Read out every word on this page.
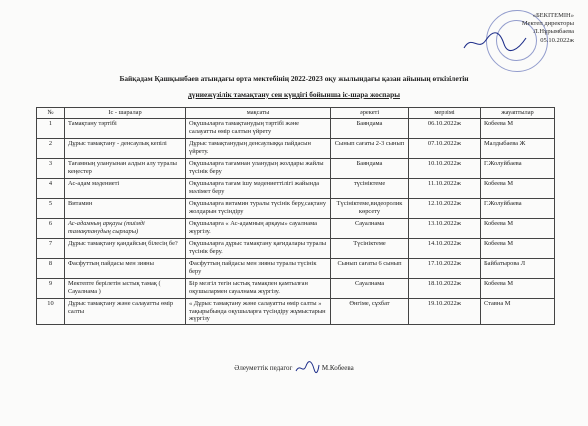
«БЕКІТЕМІН»
Мектеп директоры
Л.Нұрымбаева
05.10.2022ж
Байқадам Қашқынбаев атындағы орта мектебінің 2022-2023 оқу жылындағы қазан айының өткізілетін
дүниежүзілік тамақтану сен күндігі бойынша іс-шара жоспары
№	Іс - шаралар	мақсаты	әрекеті	мерзімі	жауаптылар
1	Тамақтану тәртібі	Оқушыларға тамақтанудың тәртібі және салауатты өмір салтын үйрету	Баяндама	06.10.2022ж	Кобеева М
2	Дұрыс тамақтану - денсаулық кепілі	Дұрыс тамақтанудың денсаулыққа пайдасын үйрету.	Сынып сағаты 2-3 сынып	07.10.2022ж	Малдыбаева Ж
3	Тағамның улануынан алдын алу туралы кеңестер	Оқушыларға тағамнан уланудың жолдары жайлы түсінік беру	Баяндама	10.10.2022ж	Г.Жолуйбаева
4	Ас-адам мәдениеті	Оқушыларға тағам ішу мәдениеттілігі жайында мәлімет беру	түсініктеме	11.10.2022ж	Кобеева М
5	Витамин	Оқушыларға витамин туралы түсінік беру,сақтану жолдарын түсіндіру	Түсініктеме,видеоролик көрсету	12.10.2022ж	Г.Жолуйбаева
6	Ас-адамның арқауы (тиімді тамақтанудың сырлары)	Оқушыларға « Ас-адамның арқауы» сауалнама жүргізу.	Сауалнама	13.10.2022ж	Кобеева М
7	Дұрыс тамақтану қандайсың білесің бе?	Оқушыларға дұрыс тамақтану қағидалары туралы түсінік беру.	Түсініктеме	14.10.2022ж	Кобеева М
8	Фасфуттың пайдасы мен зияны	Фасфуттың пайдасы мен зияны туралы түсінік беру	Сынып сағаты 6 сынып	17.10.2022ж	Байбатырова Л
9	Мектепте берілетін ыстық тамақ ( Сауалнама )	Бір мезгіл тегін ыстық тамақпен қамтылған оқушылармен сауалнама жүргізу.	Сауалнама	18.10.2022ж	Кобеева М
10	Дұрыс тамақтану және салауатты өмір салты	« Дұрыс тамақтану және салауатты өмір салты » тақырыбында оқушыларға түсіндіру жұмыстарын жүргізу	Өнгіме, сұхбат	19.10.2022ж	Ставна М
Әлеуметтік педагог	М.Кобеева
